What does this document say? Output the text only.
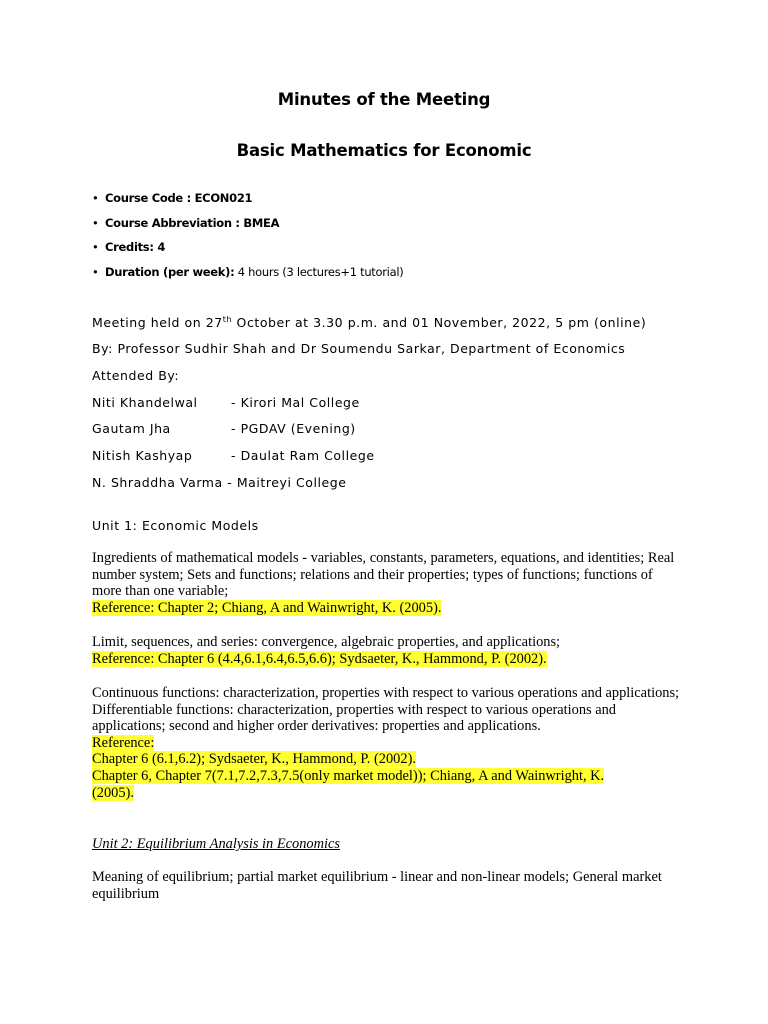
Minutes of the Meeting
Basic Mathematics for Economic
• Course Code : ECON021
• Course Abbreviation : BMEA
• Credits: 4
• Duration (per week): 4 hours (3 lectures+1 tutorial)
Meeting held on 27th October at 3.30 p.m. and 01 November, 2022, 5 pm (online)
By: Professor Sudhir Shah and Dr Soumendu Sarkar, Department of Economics
Attended By:
Niti Khandelwal	- Kirori Mal College
Gautam Jha	- PGDAV (Evening)
Nitish Kashyap	- Daulat Ram College
N. Shraddha Varma - Maitreyi College
Unit 1: Economic Models

Ingredients of mathematical models - variables, constants, parameters, equations, and identities; Real number system; Sets and functions; relations and their properties; types of functions; functions of more than one variable;

Reference: Chapter 2; Chiang, A and Wainwright, K. (2005).

Limit, sequences, and series: convergence, algebraic properties, and applications;

Reference: Chapter 6 (4.4,6.1,6.4,6.5,6.6); Sydsaeter, K., Hammond, P. (2002).

Continuous functions: characterization, properties with respect to various operations and applications; Differentiable functions: characterization, properties with respect to various operations and applications; second and higher order derivatives: properties and applications.

Reference:

Chapter 6 (6.1,6.2); Sydsaeter, K., Hammond, P. (2002).

Chapter 6, Chapter 7(7.1,7.2,7.3,7.5(only market model)); Chiang, A and Wainwright, K.

(2005).

Unit 2: Equilibrium Analysis in Economics

Meaning of equilibrium; partial market equilibrium - linear and non-linear models; General market equilibrium
